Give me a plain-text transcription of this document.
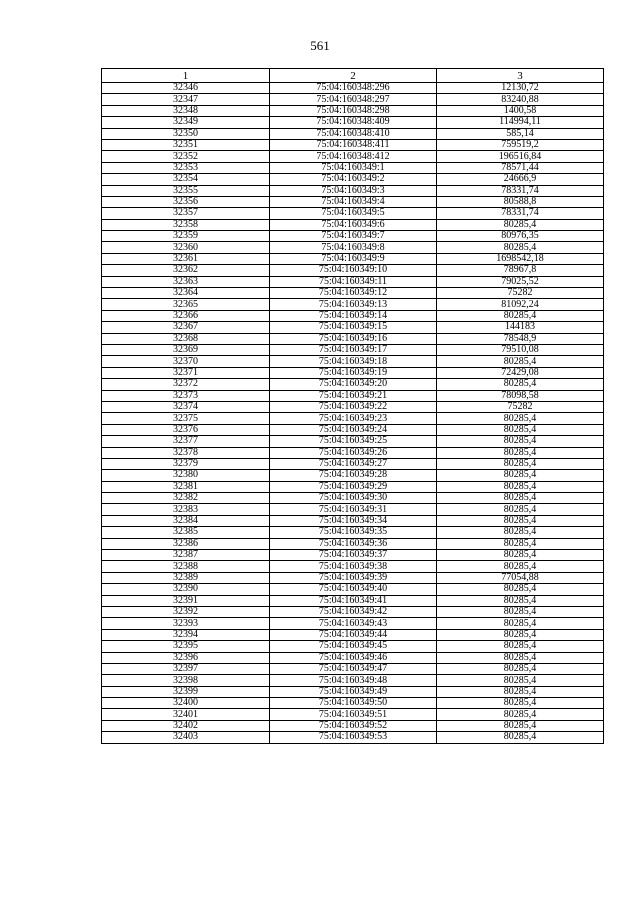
561
1	2	3
32346	75:04:160348:296	12130,72
32347	75:04:160348:297	83240,88
32348	75:04:160348:298	1400,58
32349	75:04:160348:409	114994,11
32350	75:04:160348:410	585,14
32351	75:04:160348:411	759519,2
32352	75:04:160348:412	196516,84
32353	75:04:160349:1	78571,44
32354	75:04:160349:2	24666,9
32355	75:04:160349:3	78331,74
32356	75:04:160349:4	80588,8
32357	75:04:160349:5	78331,74
32358	75:04:160349:6	80285,4
32359	75:04:160349:7	80976,35
32360	75:04:160349:8	80285,4
32361	75:04:160349:9	1698542,18
32362	75:04:160349:10	78967,8
32363	75:04:160349:11	79025,52
32364	75:04:160349:12	75282
32365	75:04:160349:13	81092,24
32366	75:04:160349:14	80285,4
32367	75:04:160349:15	144183
32368	75:04:160349:16	78548,9
32369	75:04:160349:17	79510,08
32370	75:04:160349:18	80285,4
32371	75:04:160349:19	72429,08
32372	75:04:160349:20	80285,4
32373	75:04:160349:21	78098,58
32374	75:04:160349:22	75282
32375	75:04:160349:23	80285,4
32376	75:04:160349:24	80285,4
32377	75:04:160349:25	80285,4
32378	75:04:160349:26	80285,4
32379	75:04:160349:27	80285,4
32380	75:04:160349:28	80285,4
32381	75:04:160349:29	80285,4
32382	75:04:160349:30	80285,4
32383	75:04:160349:31	80285,4
32384	75:04:160349:34	80285,4
32385	75:04:160349:35	80285,4
32386	75:04:160349:36	80285,4
32387	75:04:160349:37	80285,4
32388	75:04:160349:38	80285,4
32389	75:04:160349:39	77054,88
32390	75:04:160349:40	80285,4
32391	75:04:160349:41	80285,4
32392	75:04:160349:42	80285,4
32393	75:04:160349:43	80285,4
32394	75:04:160349:44	80285,4
32395	75:04:160349:45	80285,4
32396	75:04:160349:46	80285,4
32397	75:04:160349:47	80285,4
32398	75:04:160349:48	80285,4
32399	75:04:160349:49	80285,4
32400	75:04:160349:50	80285,4
32401	75:04:160349:51	80285,4
32402	75:04:160349:52	80285,4
32403	75:04:160349:53	80285,4
